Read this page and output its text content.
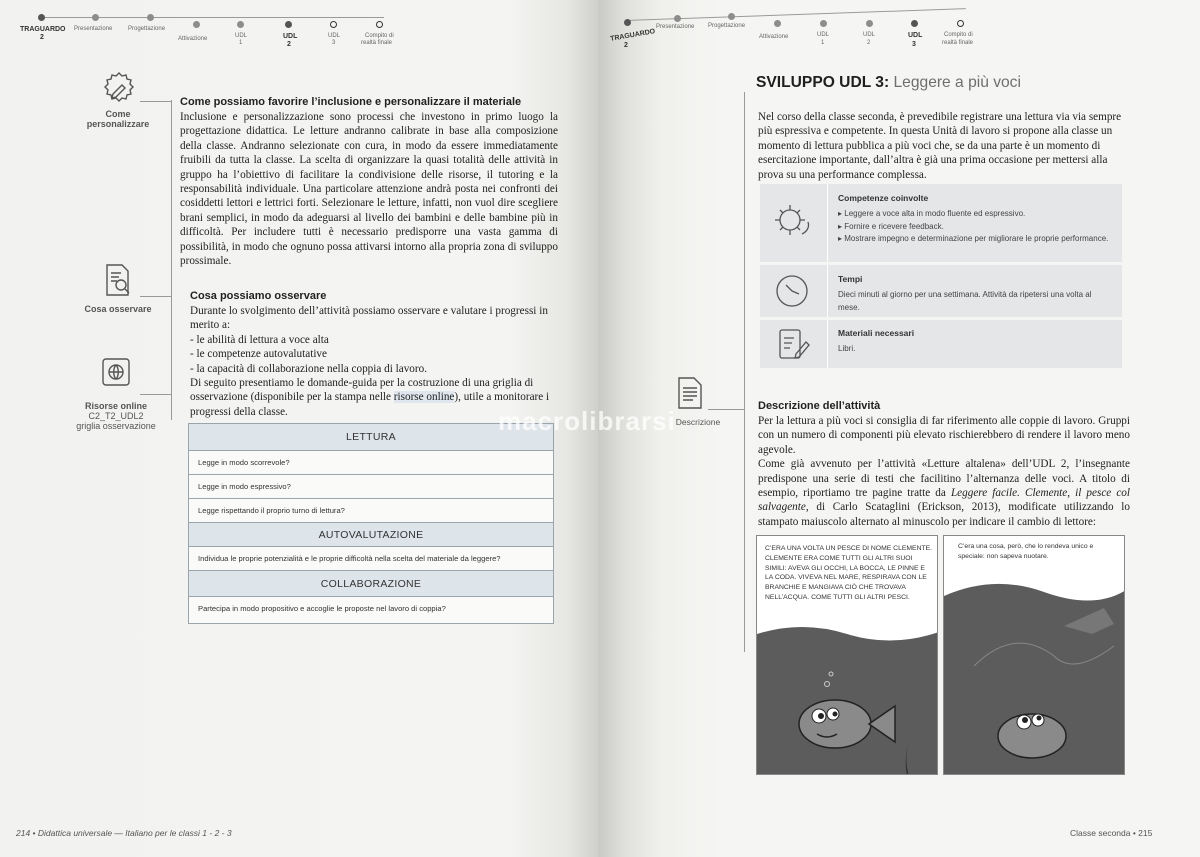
TRAGUARDO
2
Presentazione	Progettazione
Attivazione	UDL
1
UDL
2
UDL
3
Compito di
realtà finale
Come personalizzare
Cosa osservare
Risorse online
C2_T2_UDL2
griglia osservazione
Come possiamo favorire l’inclusione e personalizzare il materiale
Inclusione e personalizzazione sono processi che investono in primo luogo la progettazione didattica. Le letture andranno calibrate in base alla composizione della classe. Andranno selezionate con cura, in modo da essere immediatamente fruibili da tutta la classe. La scelta di organizzare la quasi totalità delle attività in gruppo ha l’obiettivo di facilitare la condivisione delle risorse, il tutoring e la responsabilità individuale. Una particolare attenzione andrà posta nei confronti dei cosiddetti lettori e lettrici forti. Selezionare le letture, infatti, non vuol dire scegliere brani semplici, in modo da adeguarsi al livello dei bambini e delle bambine più in difficoltà. Per includere tutti è necessario predisporre una vasta gamma di possibilità, in modo che ognuno possa attivarsi intorno alla propria zona di sviluppo prossimale.
Cosa possiamo osservare

Durante lo svolgimento dell’attività possiamo osservare e valutare i progressi in merito a:

- le abilità di lettura a voce alta
- le competenze autovalutative
- la capacità di collaborazione nella coppia di lavoro.

Di seguito presentiamo le domande-guida per la costruzione di una griglia di osservazione (disponibile per la stampa nelle risorse online), utile a monitorare i progressi della classe.

LETTURA
Legge in modo scorrevole?
Legge in modo espressivo?
Legge rispettando il proprio turno di lettura?
AUTOVALUTAZIONE
Individua le proprie potenzialità e le proprie difficoltà nella scelta del materiale da leggere?
COLLABORAZIONE
Partecipa in modo propositivo e accoglie le proposte nel lavoro di coppia?
214 • Didattica universale — Italiano per le classi 1 - 2 - 3
TRAGUARDO
2
Presentazione Progettazione
Attivazione	UDL
1
UDL
2
UDL
3
Compito di
realtà finale
SVILUPPO UDL 3: Leggere a più voci
Nel corso della classe seconda, è prevedibile registrare una lettura via via sempre più espressiva e competente. In questa Unità di lavoro si propone alla classe un momento di lettura pubblica a più voci che, se da una parte è un momento di esercitazione importante, dall’altra è già una prima occasione per mettersi alla prova su una performance complessa.
Competenze coinvolte
▸ Leggere a voce alta in modo fluente ed espressivo.
▸ Fornire e ricevere feedback.
▸ Mostrare impegno e determinazione per migliorare le proprie performance.
Tempi
Dieci minuti al giorno per una settimana. Attività da ripetersi una volta al mese.
Materiali necessari
Libri.
Descrizione
Descrizione dell’attività

Per la lettura a più voci si consiglia di far riferimento alle coppie di lavoro. Gruppi con un numero di componenti più elevato rischierebbero di rendere il lavoro meno agevole.

Come già avvenuto per l’attività «Letture altalena» dell’UDL 2, l’insegnante predispone una serie di testi che facilitino l’alternanza delle voci. A titolo di esempio, riportiamo tre pagine tratte da Leggere facile. Clemente, il pesce col salvagente, di Carlo Scataglini (Erickson, 2013), modificate utilizzando lo stampato maiuscolo alternato al minuscolo per indicare il cambio di lettore:

C’ERA UNA VOLTA UN PESCE DI NOME CLEMENTE. CLEMENTE ERA COME TUTTI GLI ALTRI SUOI SIMILI: AVEVA GLI OCCHI, LA BOCCA, LE PINNE E LA CODA. VIVEVA NEL MARE, RESPIRAVA CON LE BRANCHIE E MANGIAVA CIÒ CHE TROVAVA NELL’ACQUA. COME TUTTI GLI ALTRI PESCI.
C’era una cosa, però, che lo rendeva unico e speciale: non sapeva nuotare.
Classe seconda • 215
macrolibrarsi
